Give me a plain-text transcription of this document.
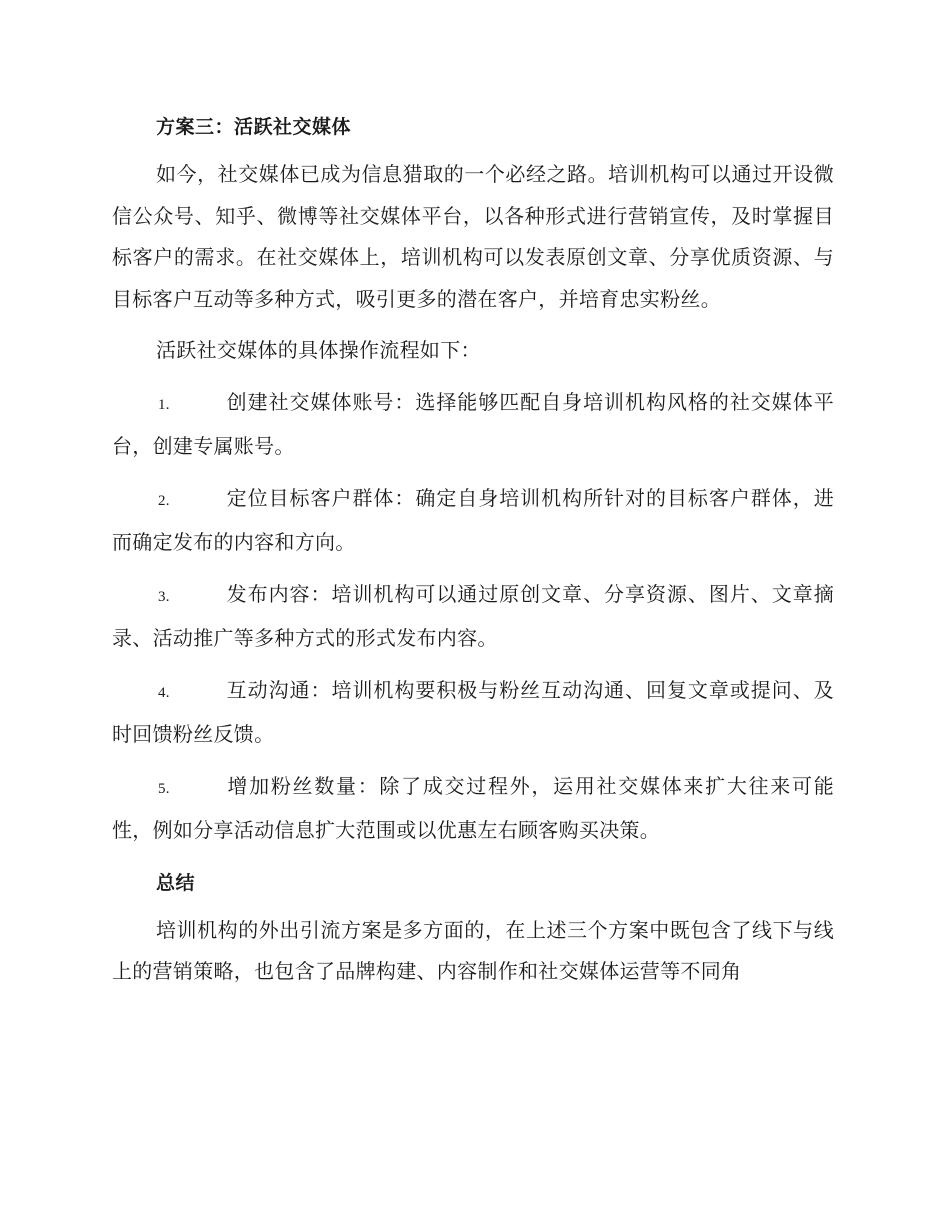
方案三：活跃社交媒体

如今，社交媒体已成为信息猎取的一个必经之路。培训机构可以通过开设微信公众号、知乎、微博等社交媒体平台，以各种形式进行营销宣传，及时掌握目标客户的需求。在社交媒体上，培训机构可以发表原创文章、分享优质资源、与目标客户互动等多种方式，吸引更多的潜在客户，并培育忠实粉丝。

活跃社交媒体的具体操作流程如下：

1.	创建社交媒体账号：选择能够匹配自身培训机构风格的社交媒体平台，创建专属账号。

2.	定位目标客户群体：确定自身培训机构所针对的目标客户群体，进而确定发布的内容和方向。

3.	发布内容：培训机构可以通过原创文章、分享资源、图片、文章摘录、活动推广等多种方式的形式发布内容。

4.	互动沟通：培训机构要积极与粉丝互动沟通、回复文章或提问、及时回馈粉丝反馈。

5.	增加粉丝数量：除了成交过程外，运用社交媒体来扩大往来可能性，例如分享活动信息扩大范围或以优惠左右顾客购买决策。

总结

培训机构的外出引流方案是多方面的，在上述三个方案中既包含了线下与线上的营销策略，也包含了品牌构建、内容制作和社交媒体运营等不同角
